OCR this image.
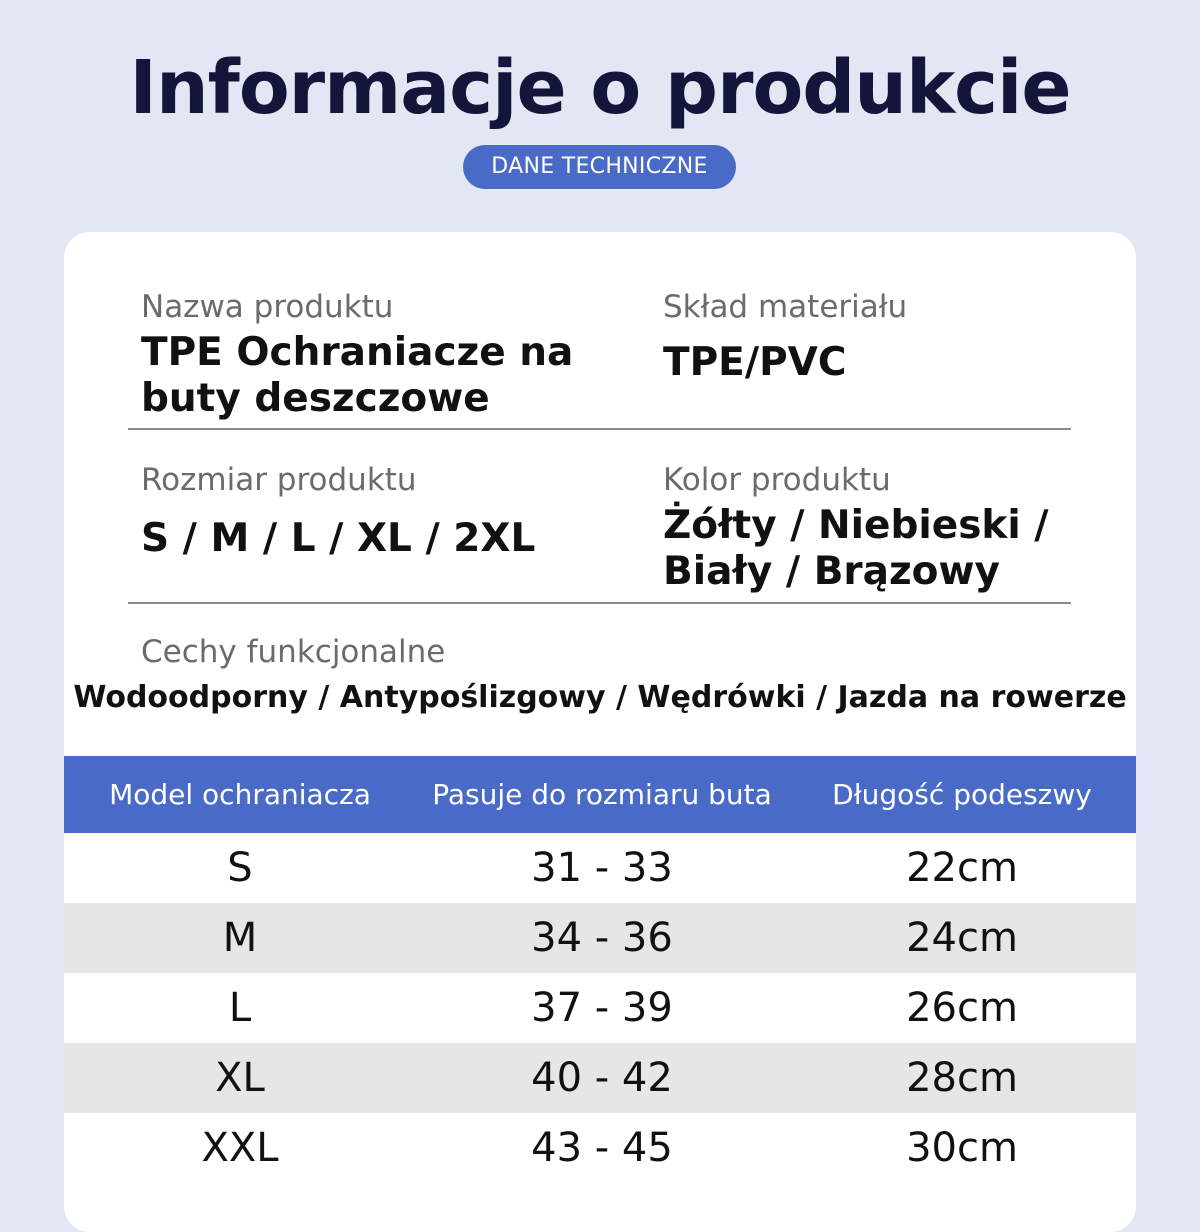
Informacje o produkcie
DANE TECHNICZNE
Nazwa produktu
TPE Ochraniacze na buty deszczowe
Skład materiału
TPE/PVC
Rozmiar produktu
S / M / L / XL / 2XL
Kolor produktu
Żółty / Niebieski / Biały / Brązowy
Cechy funkcjonalne
Wodoodporny / Antypoślizgowy / Wędrówki / Jazda na rowerze
Model ochraniacza	Pasuje do rozmiaru buta	Długość podeszwy
S	31 - 33	22cm
M	34 - 36	24cm
L	37 - 39	26cm
XL	40 - 42	28cm
XXL	43 - 45	30cm
